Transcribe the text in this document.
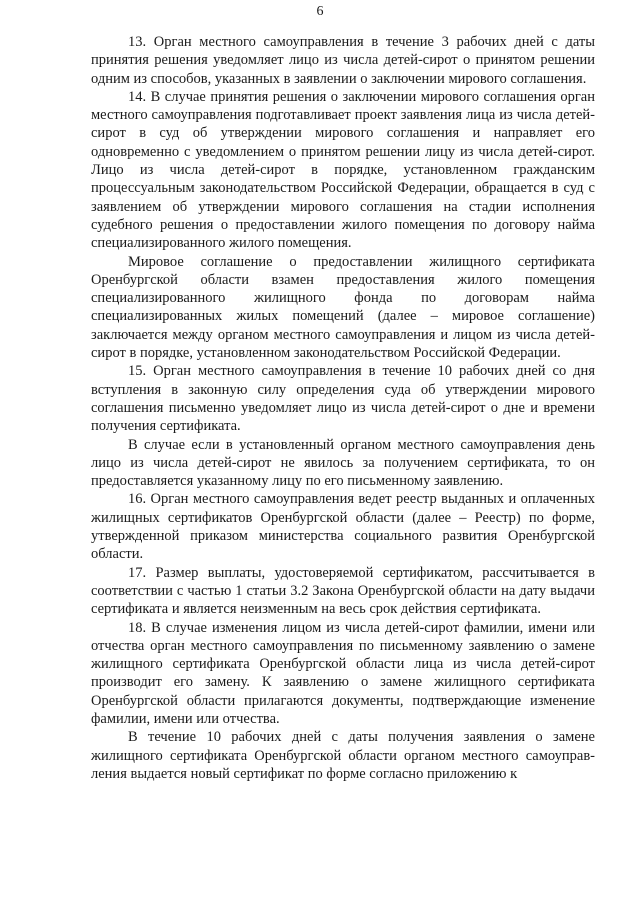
6

13. Орган местного самоуправления в течение 3 рабочих дней с даты принятия решения уведомляет лицо из числа детей-сирот о принятом решении одним из способов, указанных в заявлении о заключении мирового соглашения.

14. В случае принятия решения о заключении мирового соглашения орган местного самоуправления подготавливает проект заявления лица из числа детей-сирот в суд об утверждении мирового соглашения и направляет его одновременно с уведомлением о принятом решении лицу из числа детей-сирот. Лицо из числа детей-сирот в порядке, установленном гражданским процессуальным законодательством Российской Федерации, обращается в суд с заявлением об утверждении мирового соглашения на стадии исполнения судебного решения о предоставлении жилого помещения по договору найма специализированного жилого помещения.

Мировое соглашение о предоставлении жилищного сертификата Оренбургской области взамен предоставления жилого помещения специализированного жилищного фонда по договорам найма специализированных жилых помещений (далее – мировое соглашение) заключается между органом местного самоуправления и лицом из числа детей-сирот в порядке, установленном законодательством Российской Федерации.

15. Орган местного самоуправления в течение 10 рабочих дней со дня вступления в законную силу определения суда об утверждении мирового соглашения письменно уведомляет лицо из числа детей-сирот о дне и времени получения сертификата.

В случае если в установленный органом местного самоуправления день лицо из числа детей-сирот не явилось за получением сертификата, то он предоставляется указанному лицу по его письменному заявлению.

16. Орган местного самоуправления ведет реестр выданных и оплаченных жилищных сертификатов Оренбургской области (далее – Реестр) по форме, утвержденной приказом министерства социального развития Оренбургской области.

17. Размер выплаты, удостоверяемой сертификатом, рассчитывается в соответствии с частью 1 статьи 3.2 Закона Оренбургской области на дату выдачи сертификата и является неизменным на весь срок действия сертификата.

18. В случае изменения лицом из числа детей-сирот фамилии, имени или отчества орган местного самоуправления по письменному заявлению о замене жилищного сертификата Оренбургской области лица из числа детей-сирот производит его замену. К заявлению о замене жилищного сертификата Оренбургской области прилагаются документы, подтверждающие изменение фамилии, имени или отчества.

В течение 10 рабочих дней с даты получения заявления о замене жилищного сертификата Оренбургской области органом местного самоуправ-ления выдается новый сертификат по форме согласно приложению к
